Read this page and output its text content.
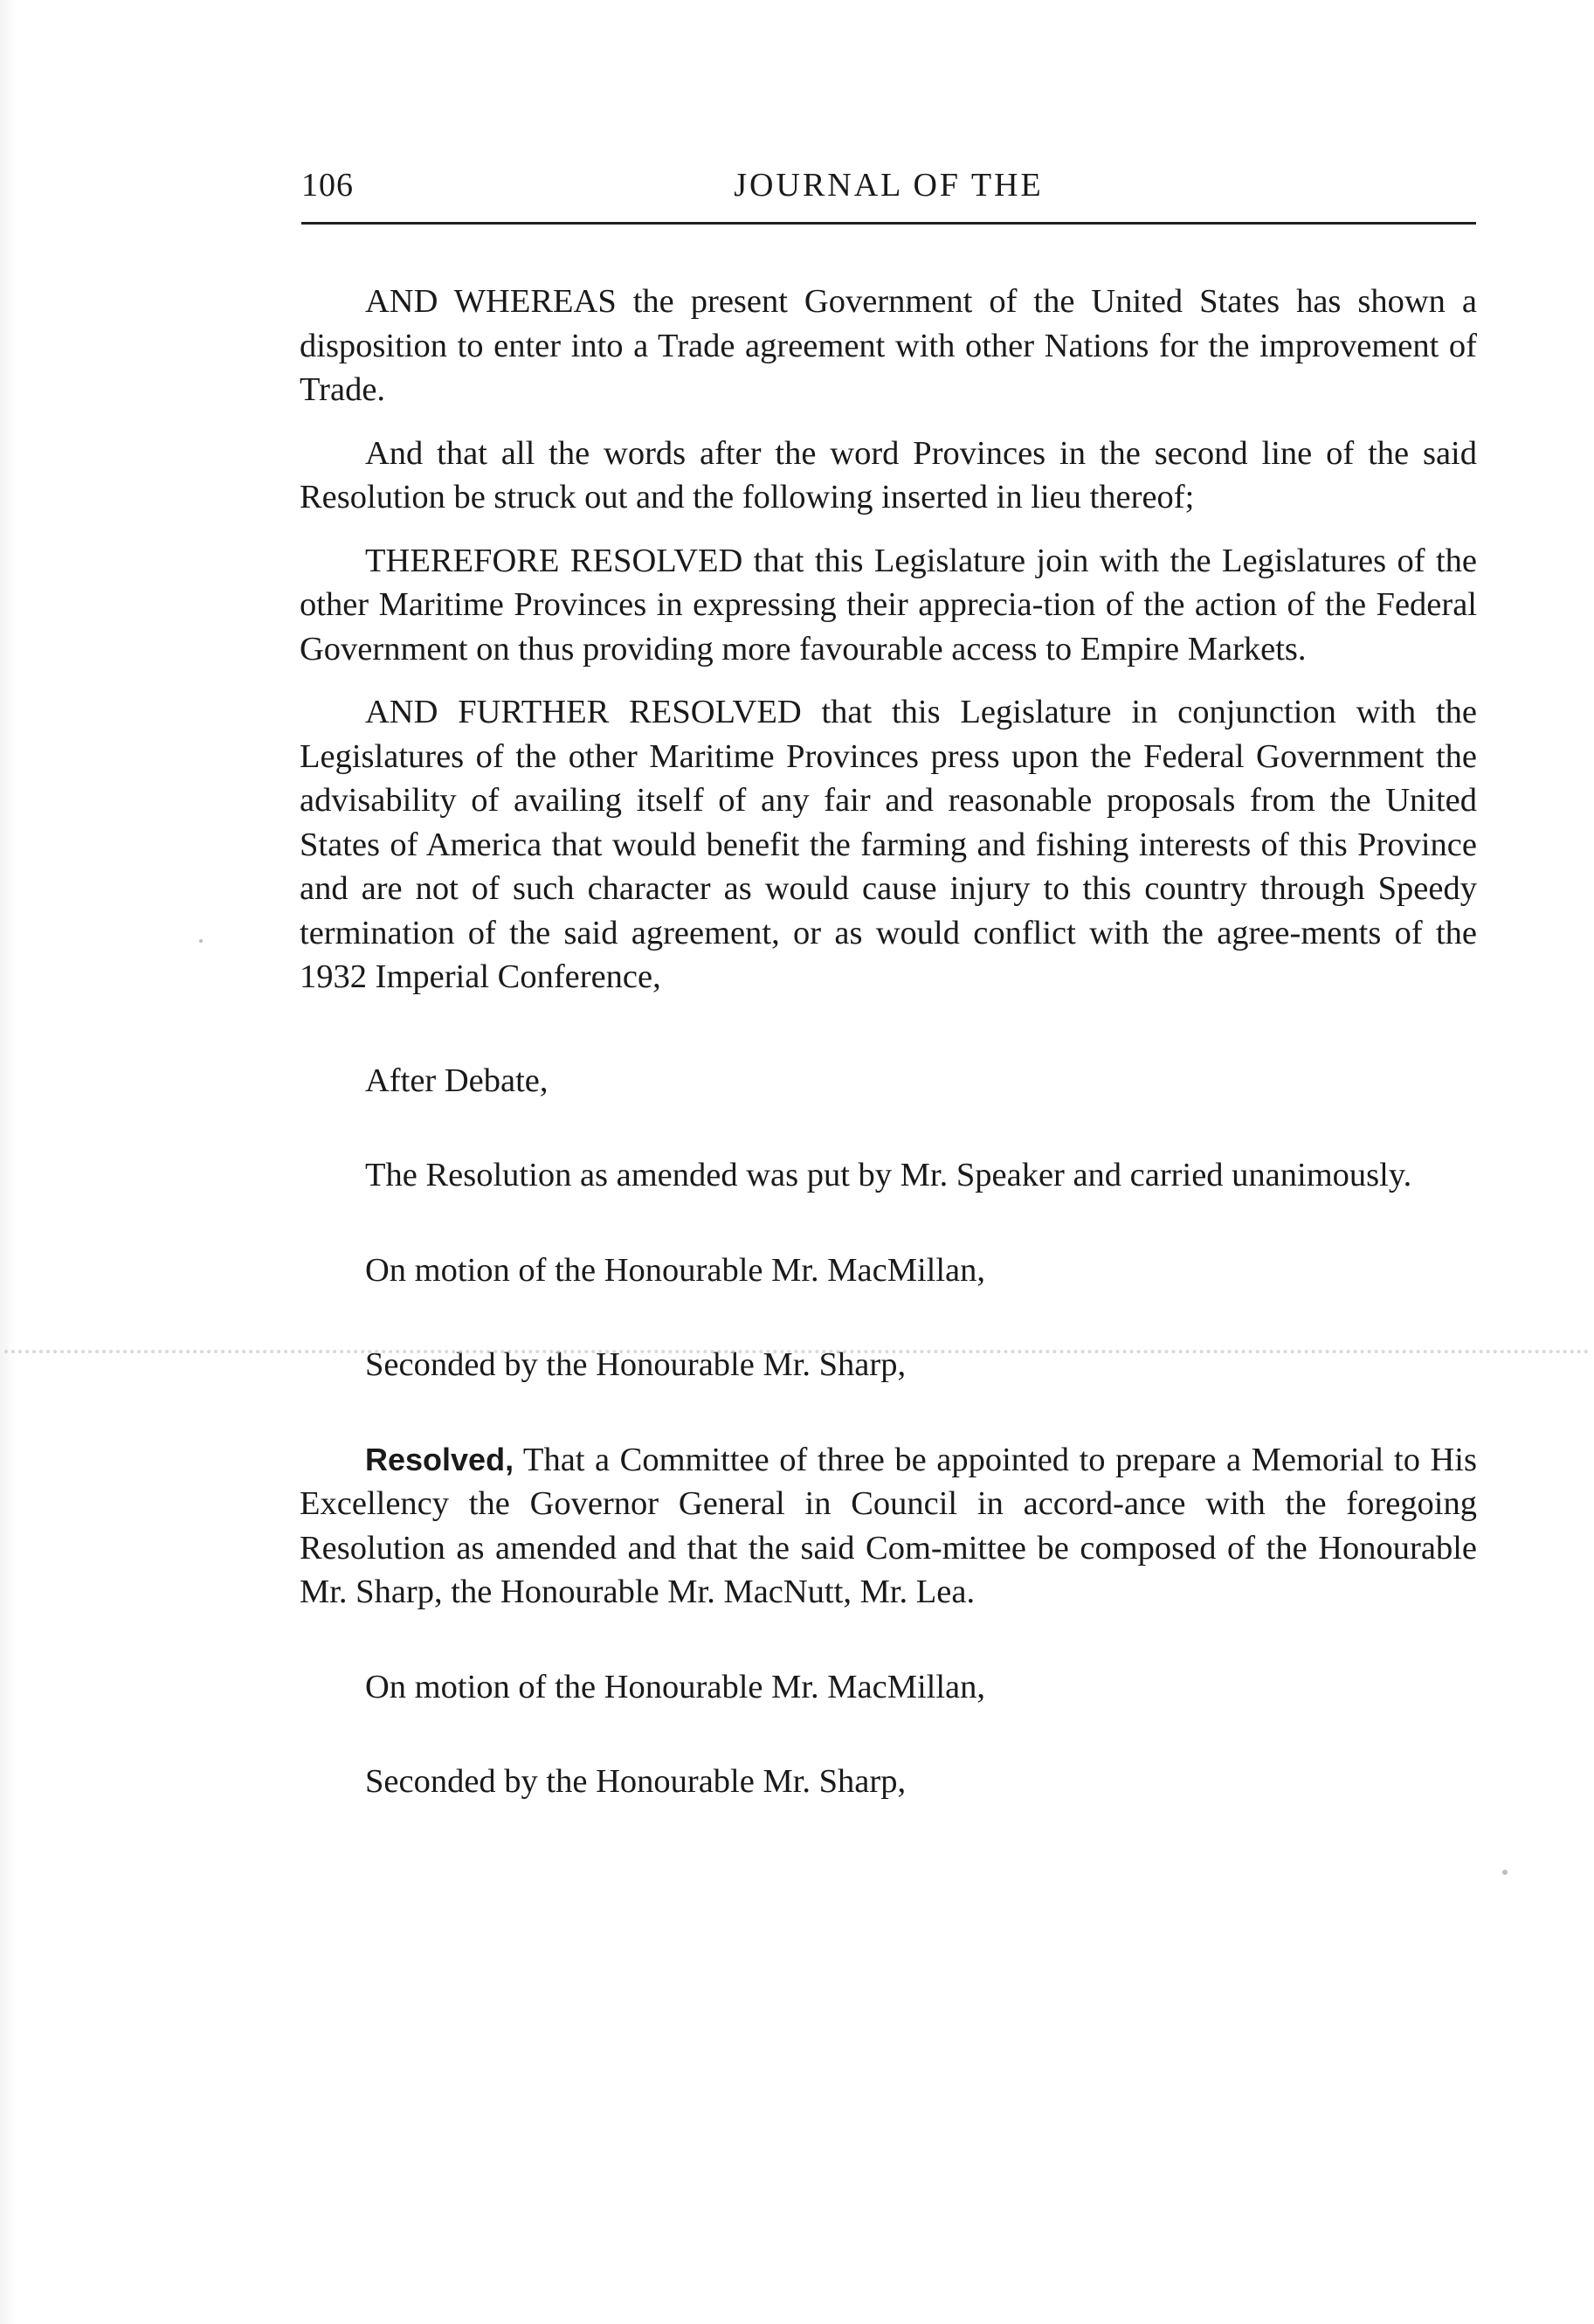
106	JOURNAL OF THE

AND WHEREAS the present Government of the United States has shown a disposition to enter into a Trade agreement with other Nations for the improvement of Trade.

And that all the words after the word Provinces in the second line of the said Resolution be struck out and the following inserted in lieu thereof;

THEREFORE RESOLVED that this Legislature join with the Legislatures of the other Maritime Provinces in expressing their apprecia-tion of the action of the Federal Government on thus providing more favourable access to Empire Markets.

AND FURTHER RESOLVED that this Legislature in conjunction with the Legislatures of the other Maritime Provinces press upon the Federal Government the advisability of availing itself of any fair and reasonable proposals from the United States of America that would benefit the farming and fishing interests of this Province and are not of such character as would cause injury to this country through Speedy termination of the said agreement, or as would conflict with the agree-ments of the 1932 Imperial Conference,

After Debate,

The Resolution as amended was put by Mr. Speaker and carried unanimously.

On motion of the Honourable Mr. MacMillan,

Seconded by the Honourable Mr. Sharp,

Resolved, That a Committee of three be appointed to prepare a Memorial to His Excellency the Governor General in Council in accord-ance with the foregoing Resolution as amended and that the said Com-mittee be composed of the Honourable Mr. Sharp, the Honourable Mr. MacNutt, Mr. Lea.

On motion of the Honourable Mr. MacMillan,

Seconded by the Honourable Mr. Sharp,
